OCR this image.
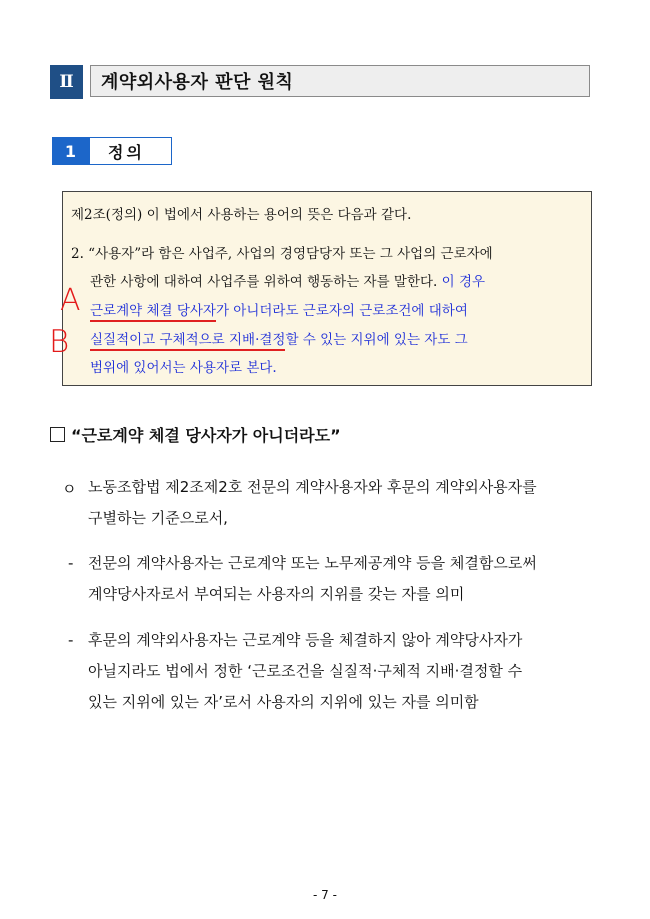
Ⅱ	계약외사용자 판단 원칙
1	정의
제2조(정의) 이 법에서 사용하는 용어의 뜻은 다음과 같다.
2. “사용자”라 함은 사업주, 사업의 경영담당자 또는 그 사업의 근로자에
관한 사항에 대하여 사업주를 위하여 행동하는 자를 말한다. 이 경우
근로계약 체결 당사자가 아니더라도 근로자의 근로조건에 대하여
실질적이고 구체적으로 지배·결정할 수 있는 지위에 있는 자도 그
범위에 있어서는 사용자로 본다.
A
B
“근로계약 체결 당사자가 아니더라도”
ㅇ 노동조합법 제2조제2호 전문의 계약사용자와 후문의 계약외사용자를
구별하는 기준으로서,
- 전문의 계약사용자는 근로계약 또는 노무제공계약 등을 체결함으로써
계약당사자로서 부여되는 사용자의 지위를 갖는 자를 의미
- 후문의 계약외사용자는 근로계약 등을 체결하지 않아 계약당사자가
아닐지라도 법에서 정한 ‘근로조건을 실질적·구체적 지배·결정할 수
있는 지위에 있는 자’로서 사용자의 지위에 있는 자를 의미함
- 7 -
